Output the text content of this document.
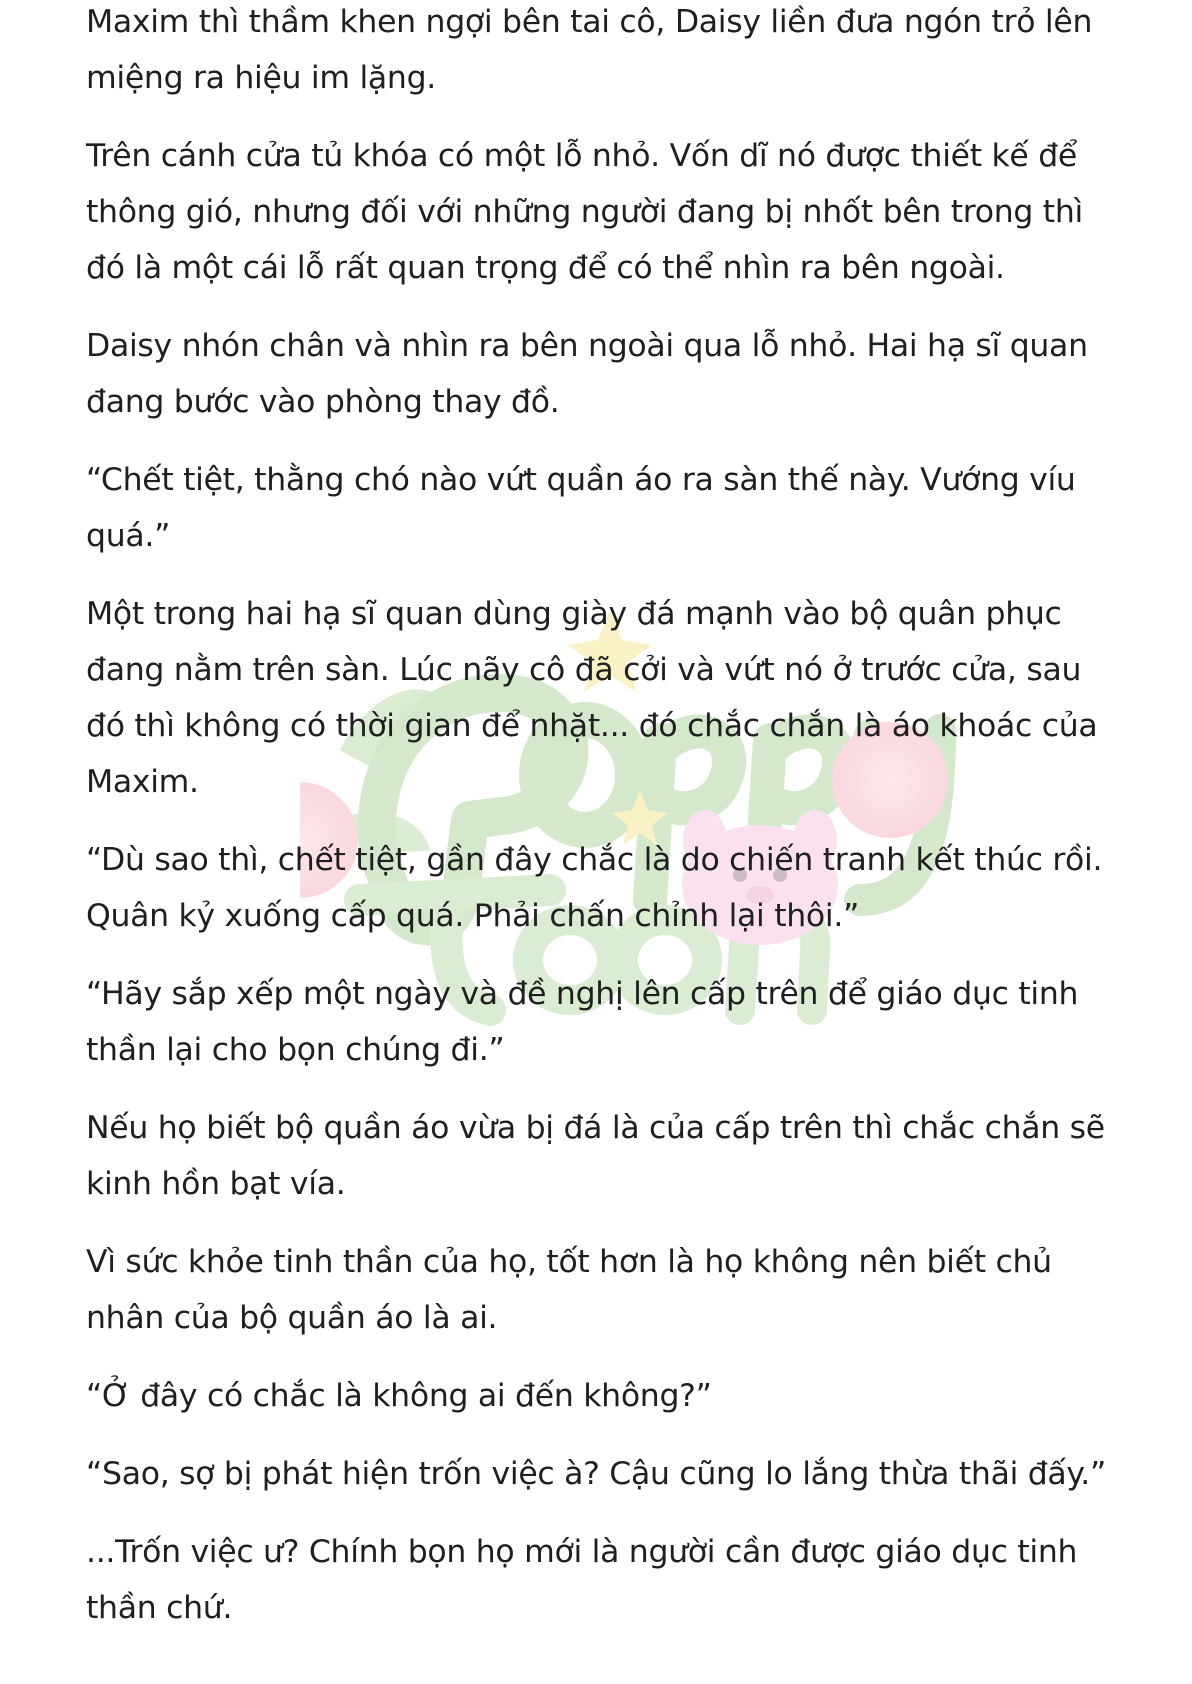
Maxim thì thầm khen ngợi bên tai cô, Daisy liền đưa ngón trỏ lên miệng ra hiệu im lặng.

Trên cánh cửa tủ khóa có một lỗ nhỏ. Vốn dĩ nó được thiết kế để thông gió, nhưng đối với những người đang bị nhốt bên trong thì đó là một cái lỗ rất quan trọng để có thể nhìn ra bên ngoài.

Daisy nhón chân và nhìn ra bên ngoài qua lỗ nhỏ. Hai hạ sĩ quan đang bước vào phòng thay đồ.

“Chết tiệt, thằng chó nào vứt quần áo ra sàn thế này. Vướng víu quá.”

Một trong hai hạ sĩ quan dùng giày đá mạnh vào bộ quân phục đang nằm trên sàn. Lúc nãy cô đã cởi và vứt nó ở trước cửa, sau đó thì không có thời gian để nhặt... đó chắc chắn là áo khoác của Maxim.

“Dù sao thì, chết tiệt, gần đây chắc là do chiến tranh kết thúc rồi. Quân kỷ xuống cấp quá. Phải chấn chỉnh lại thôi.”

“Hãy sắp xếp một ngày và đề nghị lên cấp trên để giáo dục tinh thần lại cho bọn chúng đi.”

Nếu họ biết bộ quần áo vừa bị đá là của cấp trên thì chắc chắn sẽ kinh hồn bạt vía.

Vì sức khỏe tinh thần của họ, tốt hơn là họ không nên biết chủ nhân của bộ quần áo là ai.

“Ở đây có chắc là không ai đến không?”

“Sao, sợ bị phát hiện trốn việc à? Cậu cũng lo lắng thừa thãi đấy.”

...Trốn việc ư? Chính bọn họ mới là người cần được giáo dục tinh thần chứ.
